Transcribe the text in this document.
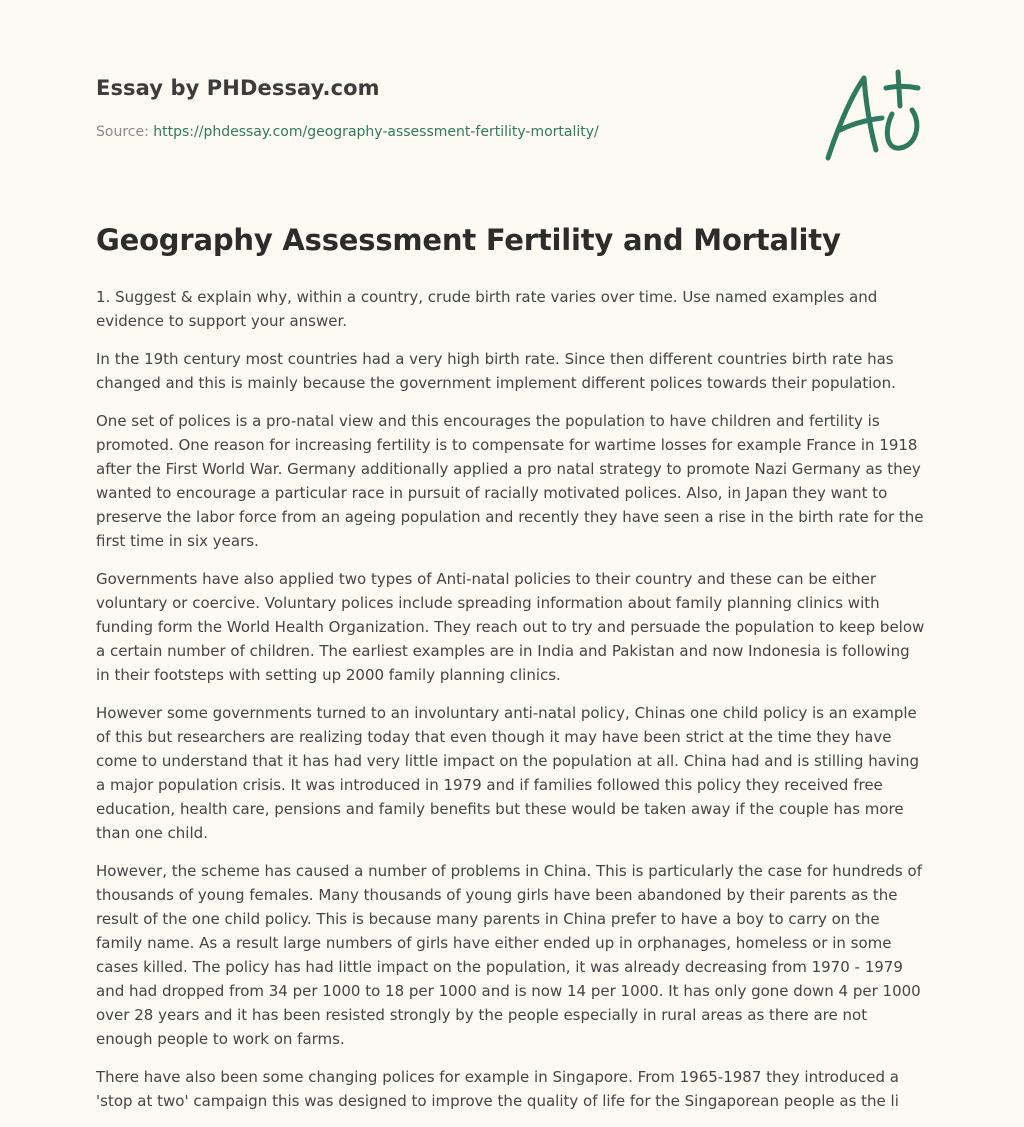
Essay by PHDessay.com
Source: https://phdessay.com/geography-assessment-fertility-mortality/
Geography Assessment Fertility and Mortality

1. Suggest & explain why, within a country, crude birth rate varies over time. Use named examples and evidence to support your answer.

In the 19th century most countries had a very high birth rate. Since then different countries birth rate has changed and this is mainly because the government implement different polices towards their population.

One set of polices is a pro-natal view and this encourages the population to have children and fertility is promoted. One reason for increasing fertility is to compensate for wartime losses for example France in 1918 after the First World War. Germany additionally applied a pro natal strategy to promote Nazi Germany as they wanted to encourage a particular race in pursuit of racially motivated polices. Also, in Japan they want to preserve the labor force from an ageing population and recently they have seen a rise in the birth rate for the first time in six years.

Governments have also applied two types of Anti-natal policies to their country and these can be either voluntary or coercive. Voluntary polices include spreading information about family planning clinics with funding form the World Health Organization. They reach out to try and persuade the population to keep below a certain number of children. The earliest examples are in India and Pakistan and now Indonesia is following in their footsteps with setting up 2000 family planning clinics.

However some governments turned to an involuntary anti-natal policy, Chinas one child policy is an example of this but researchers are realizing today that even though it may have been strict at the time they have come to understand that it has had very little impact on the population at all. China had and is stilling having a major population crisis. It was introduced in 1979 and if families followed this policy they received free education, health care, pensions and family benefits but these would be taken away if the couple has more than one child.

However, the scheme has caused a number of problems in China. This is particularly the case for hundreds of thousands of young females. Many thousands of young girls have been abandoned by their parents as the result of the one child policy. This is because many parents in China prefer to have a boy to carry on the family name. As a result large numbers of girls have either ended up in orphanages, homeless or in some cases killed. The policy has had little impact on the population, it was already decreasing from 1970 - 1979 and had dropped from 34 per 1000 to 18 per 1000 and is now 14 per 1000. It has only gone down 4 per 1000 over 28 years and it has been resisted strongly by the people especially in rural areas as there are not enough people to work on farms.

There have also been some changing polices for example in Singapore. From 1965-1987 they introduced a 'stop at two' campaign this was designed to improve the quality of life for the Singaporean people as the li
